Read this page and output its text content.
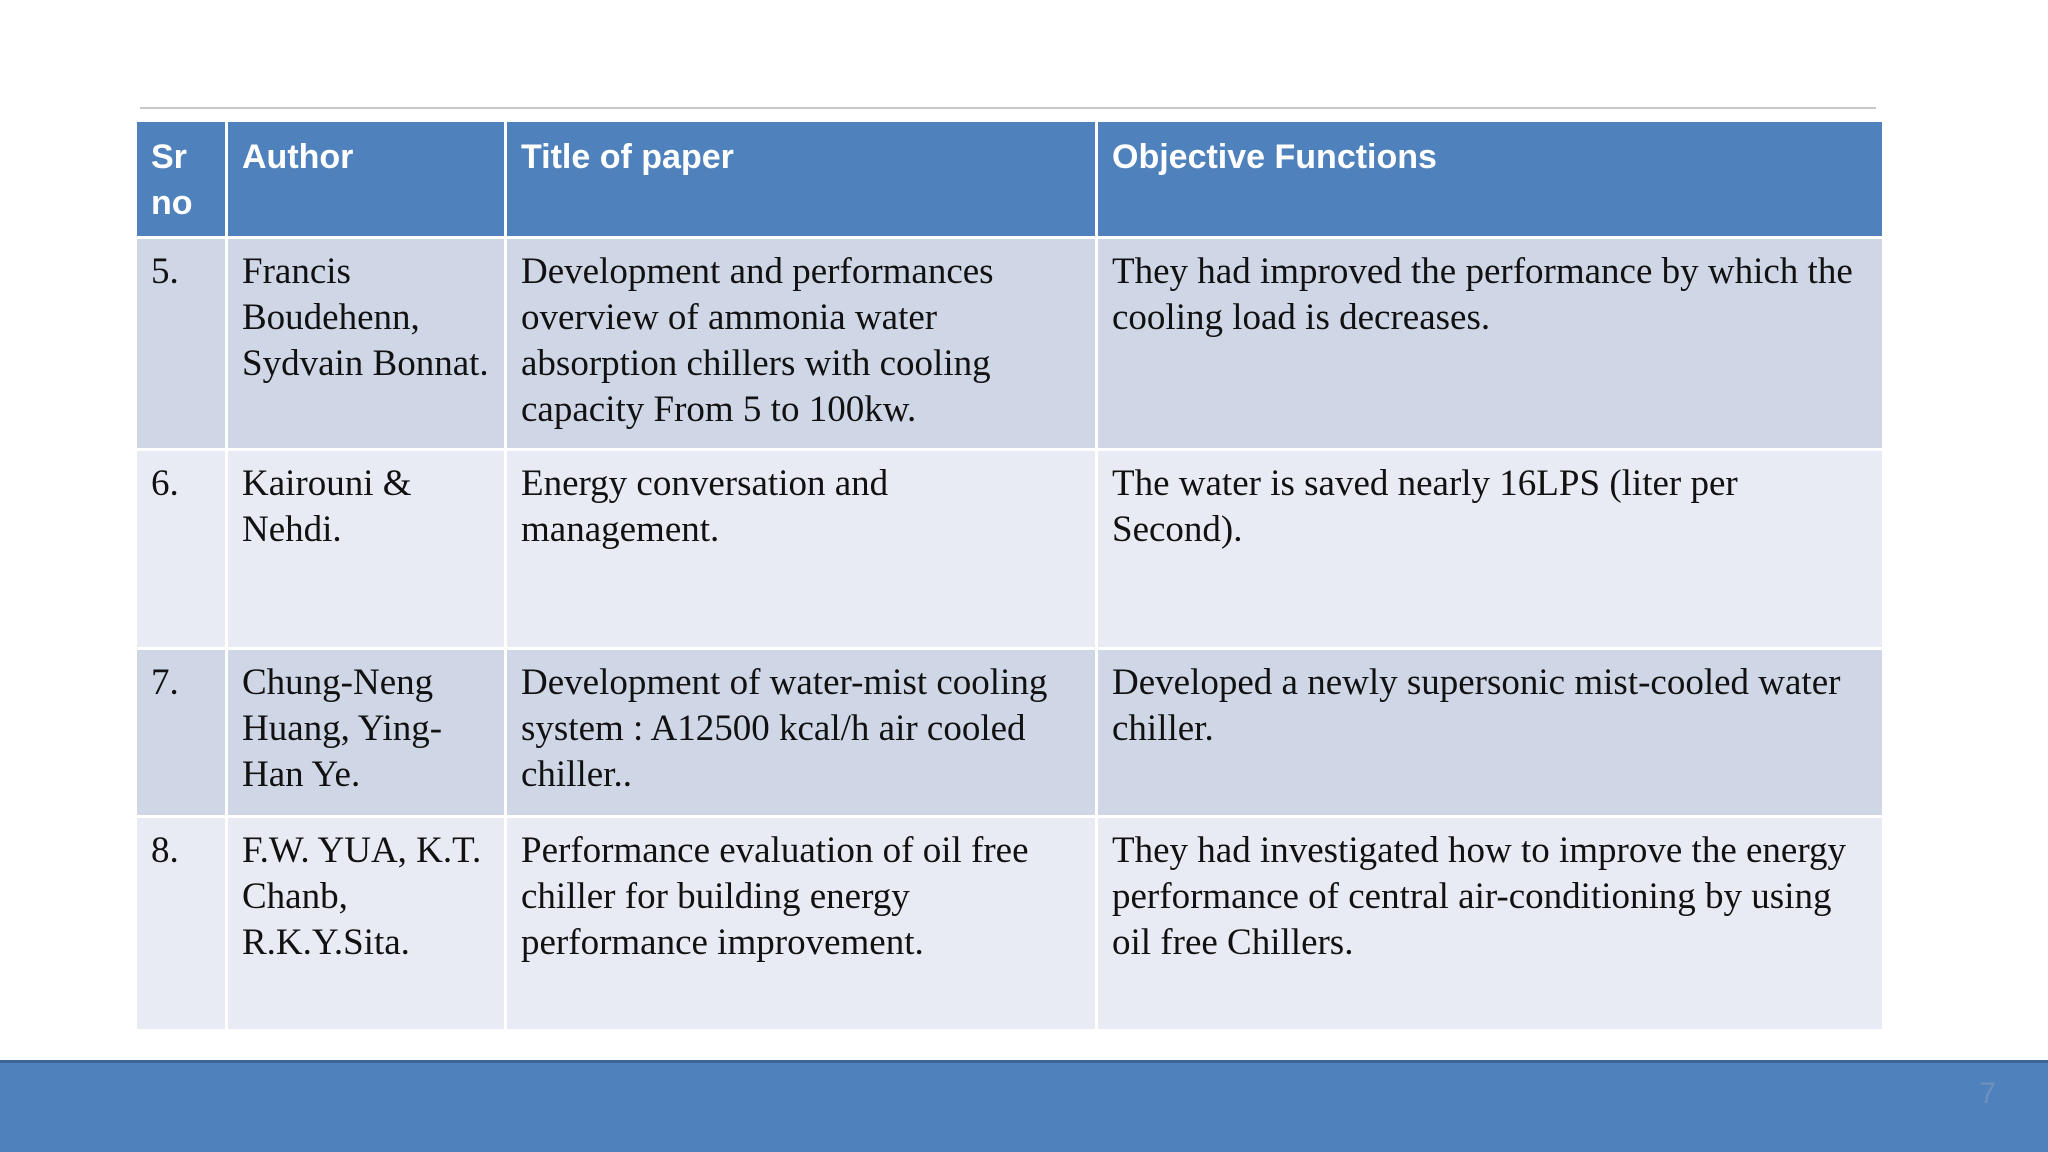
Sr no	Author	Title of paper	Objective Functions
5.	Francis Boudehenn, Sydvain Bonnat.	Development and performances overview of ammonia water absorption chillers with cooling capacity From 5 to 100kw.	They had improved the performance by which the cooling load is decreases.
6.	Kairouni & Nehdi.	Energy conversation and management.	The water is saved nearly 16LPS (liter per Second).
7.	Chung-Neng Huang, Ying-Han Ye.	Development of water-mist cooling system : A12500 kcal/h air cooled chiller..	Developed a newly supersonic mist-cooled water chiller.
8.	F.W. YUA, K.T. Chanb, R.K.Y.Sita.	Performance evaluation of oil free chiller for building energy performance improvement.	They had investigated how to improve the energy performance of central air-conditioning by using oil free Chillers.
7
